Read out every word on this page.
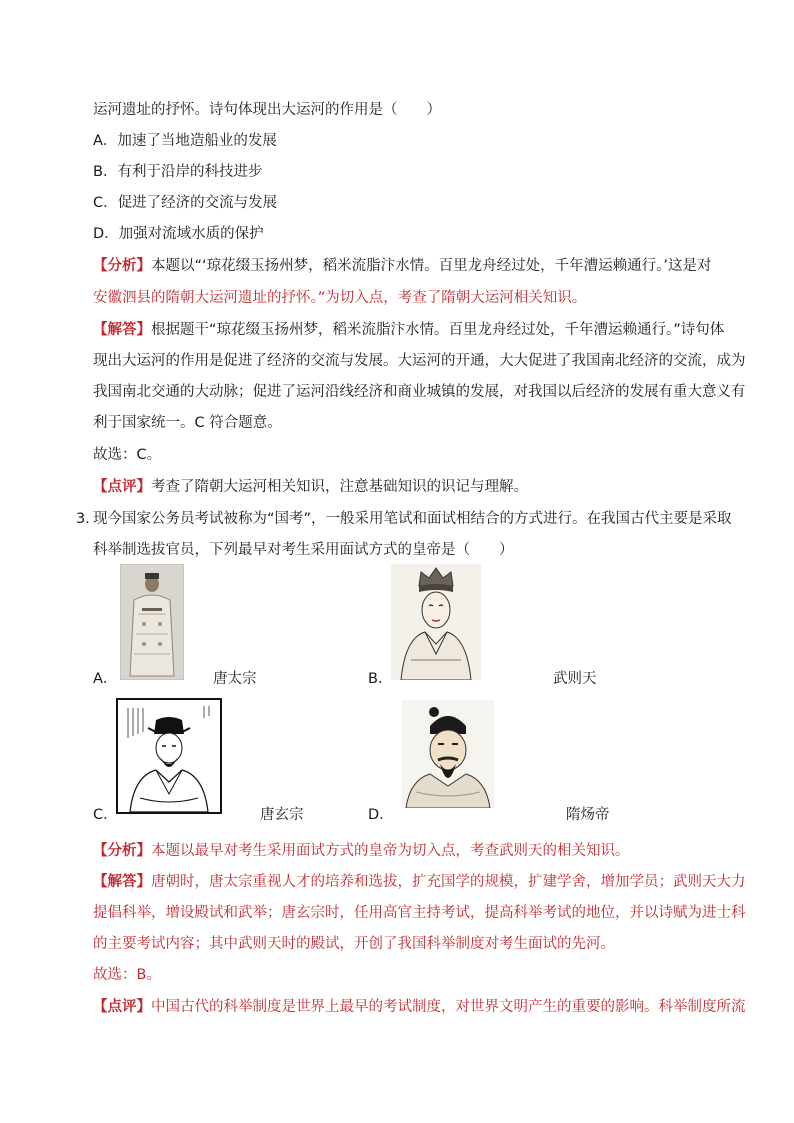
运河遗址的抒怀。诗句体现出大运河的作用是（　　）
A．加速了当地造船业的发展
B．有利于沿岸的科技进步
C．促进了经济的交流与发展
D．加强对流域水质的保护
【分析】本题以“‘琼花缀玉扬州梦，稻米流脂汴水情。百里龙舟经过处，千年漕运赖通行。’这是对
安徽泗县的隋朝大运河遗址的抒怀。”为切入点，考查了隋朝大运河相关知识。
【解答】根据题干“琼花缀玉扬州梦，稻米流脂汴水情。百里龙舟经过处，千年漕运赖通行。”诗句体
现出大运河的作用是促进了经济的交流与发展。大运河的开通，大大促进了我国南北经济的交流，成为
我国南北交通的大动脉；促进了运河沿线经济和商业城镇的发展，对我国以后经济的发展有重大意义有
利于国家统一。C 符合题意。
故选：C。
【点评】考查了隋朝大运河相关知识，注意基础知识的识记与理解。
3．
现今国家公务员考试被称为“国考”，一般采用笔试和面试相结合的方式进行。在我国古代主要是采取
科举制选拔官员，下列最早对考生采用面试方式的皇帝是（　　）
A．	唐太宗	B．	武则天
C．	唐玄宗	D．	隋炀帝
【分析】本题以最早对考生采用面试方式的皇帝为切入点，考查武则天的相关知识。
【解答】唐朝时，唐太宗重视人才的培养和选拔，扩充国学的规模，扩建学舍，增加学员；武则天大力
提倡科举，增设殿试和武举；唐玄宗时，任用高官主持考试，提高科举考试的地位，并以诗赋为进士科
的主要考试内容；其中武则天时的殿试，开创了我国科举制度对考生面试的先河。
故选：B。
【点评】中国古代的科举制度是世界上最早的考试制度，对世界文明产生的重要的影响。科举制度所流
